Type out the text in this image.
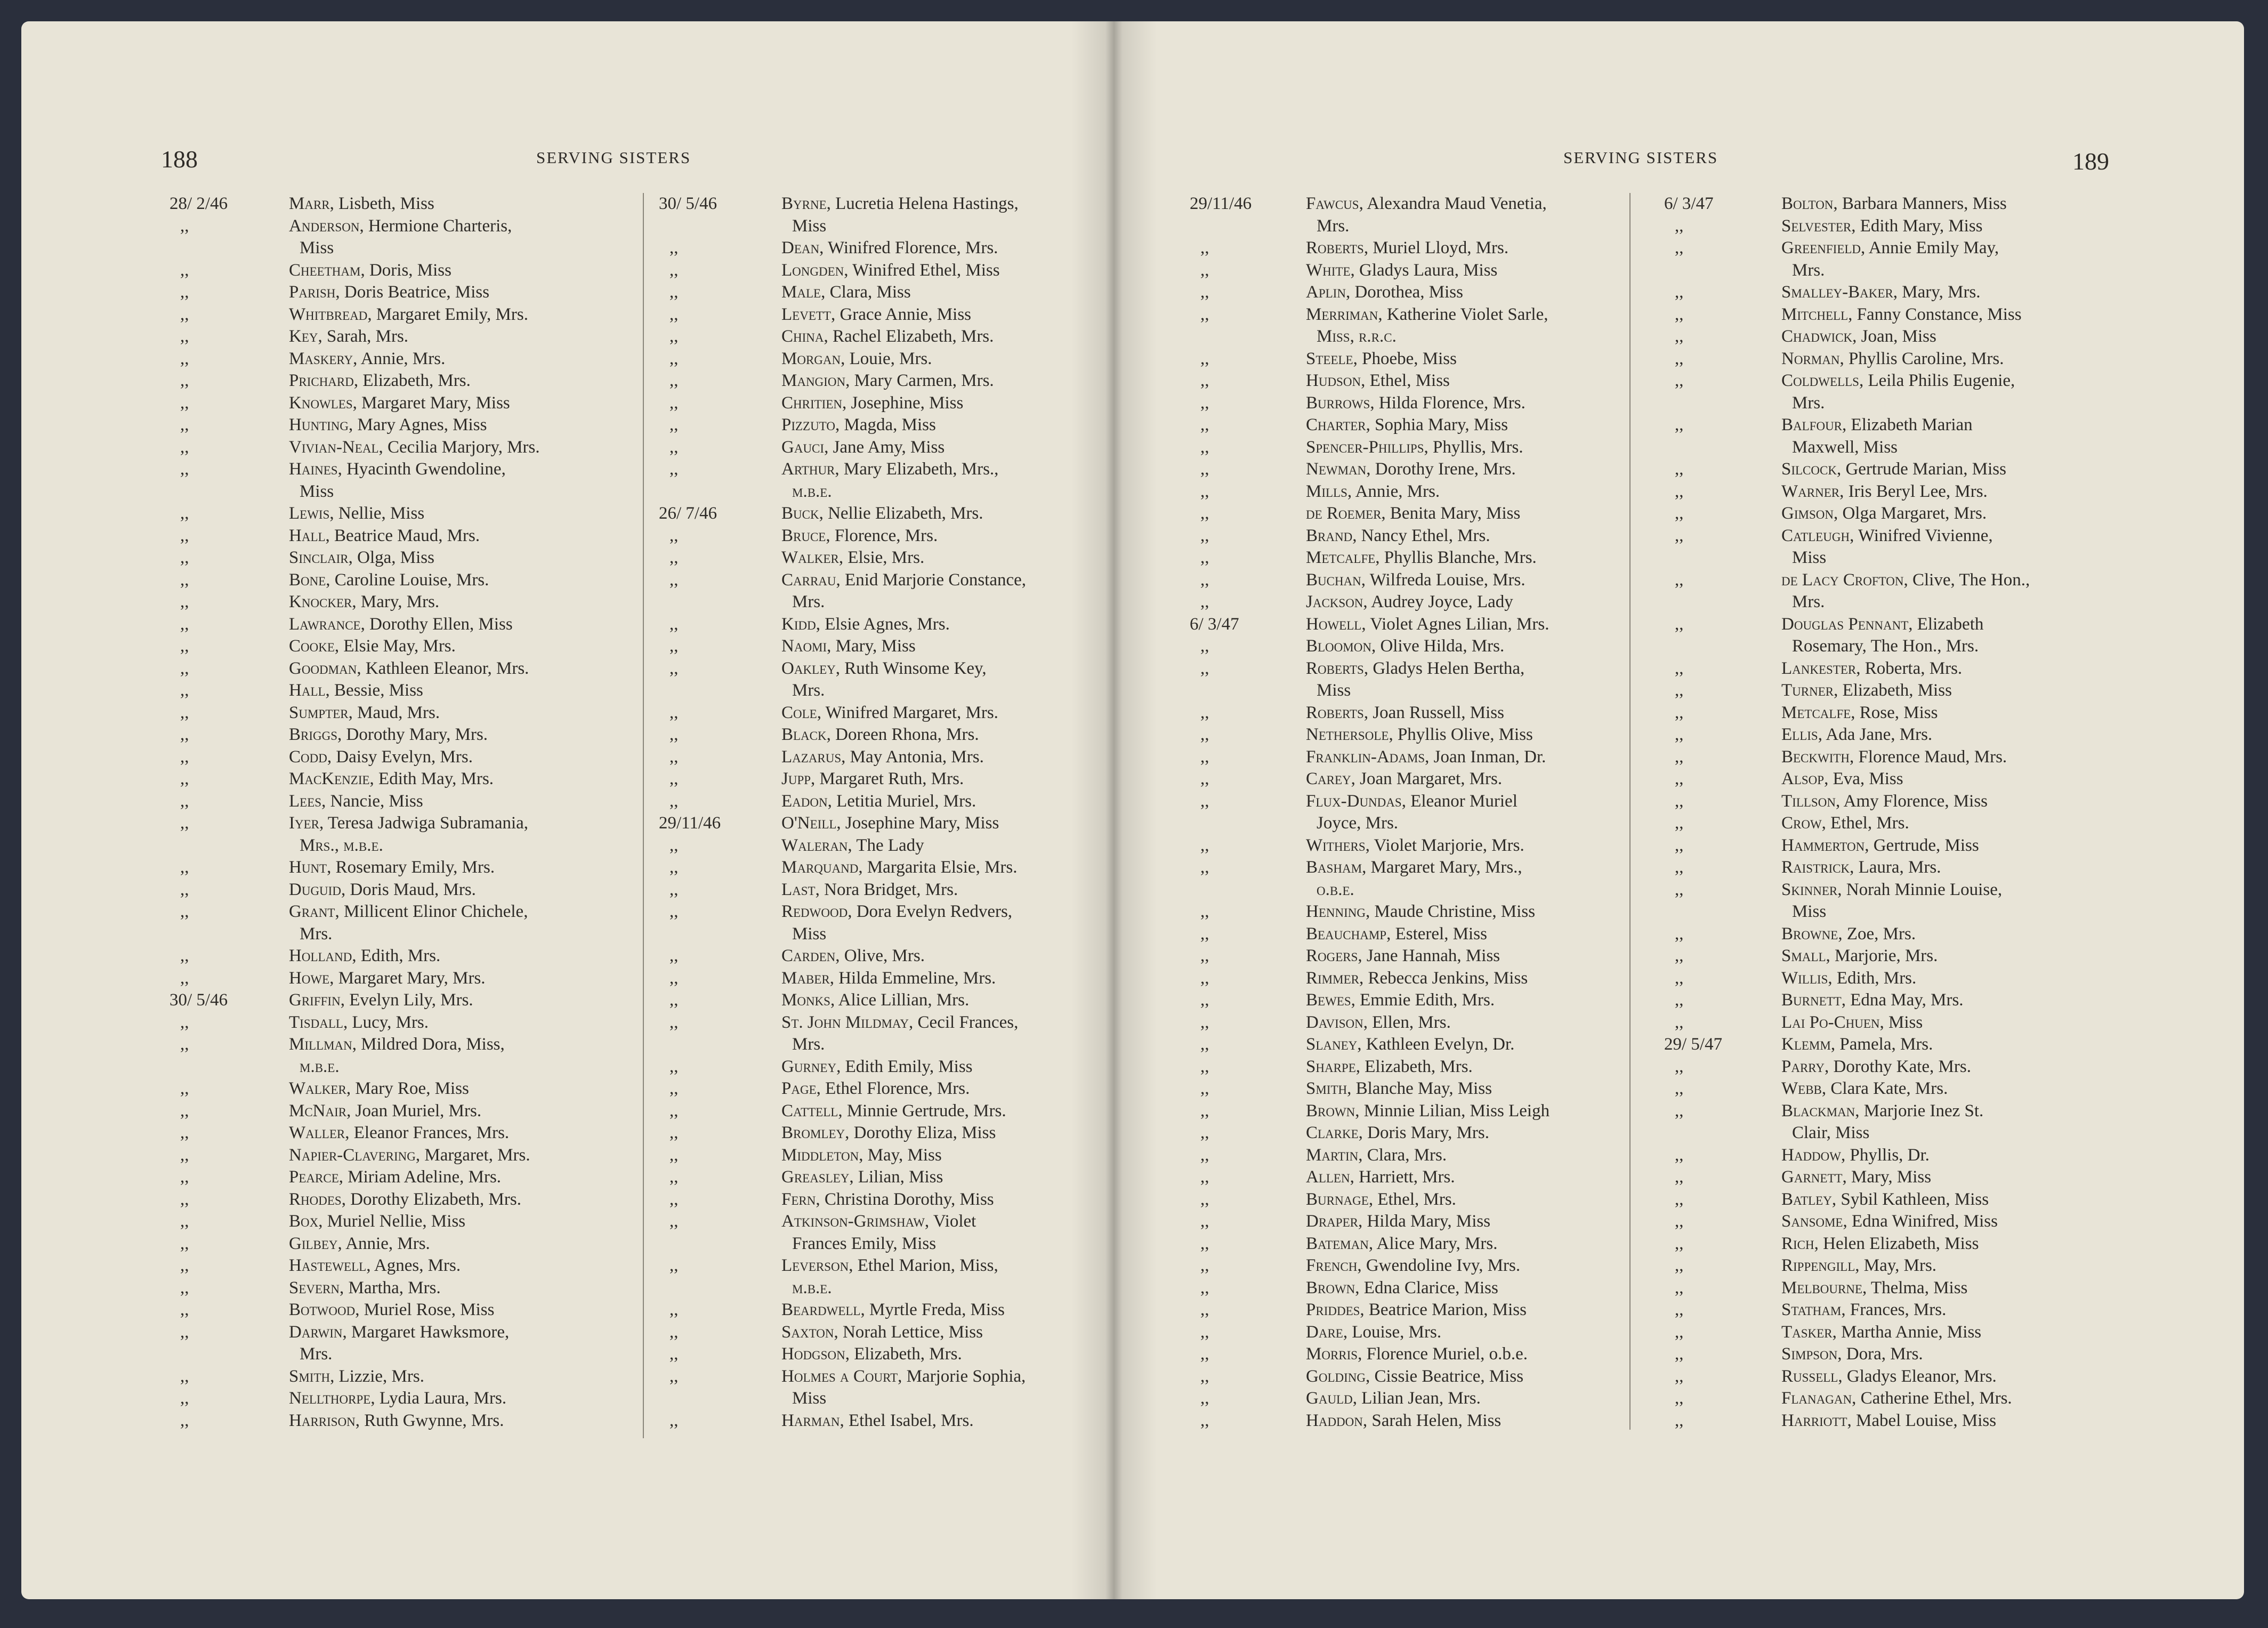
188	SERVING SISTERS	SERVING SISTERS	189
28/ 2/46	Marr, Lisbeth, Miss
,,	Anderson, Hermione Charteris,
Miss
,,	Cheetham, Doris, Miss
,,	Parish, Doris Beatrice, Miss
,,	Whitbread, Margaret Emily, Mrs.
,,	Key, Sarah, Mrs.
,,	Maskery, Annie, Mrs.
,,	Prichard, Elizabeth, Mrs.
,,	Knowles, Margaret Mary, Miss
,,	Hunting, Mary Agnes, Miss
,,	Vivian-Neal, Cecilia Marjory, Mrs.
,,	Haines, Hyacinth Gwendoline,
Miss
,,	Lewis, Nellie, Miss
,,	Hall, Beatrice Maud, Mrs.
,,	Sinclair, Olga, Miss
,,	Bone, Caroline Louise, Mrs.
,,	Knocker, Mary, Mrs.
,,	Lawrance, Dorothy Ellen, Miss
,,	Cooke, Elsie May, Mrs.
,,	Goodman, Kathleen Eleanor, Mrs.
,,	Hall, Bessie, Miss
,,	Sumpter, Maud, Mrs.
,,	Briggs, Dorothy Mary, Mrs.
,,	Codd, Daisy Evelyn, Mrs.
,,	MacKenzie, Edith May, Mrs.
,,	Lees, Nancie, Miss
,,	Iyer, Teresa Jadwiga Subramania,
Mrs., m.b.e.
,,	Hunt, Rosemary Emily, Mrs.
,,	Duguid, Doris Maud, Mrs.
,,	Grant, Millicent Elinor Chichele,
Mrs.
,,	Holland, Edith, Mrs.
,,	Howe, Margaret Mary, Mrs.
30/ 5/46	Griffin, Evelyn Lily, Mrs.
,,	Tisdall, Lucy, Mrs.
,,	Millman, Mildred Dora, Miss,
m.b.e.
,,	Walker, Mary Roe, Miss
,,	McNair, Joan Muriel, Mrs.
,,	Waller, Eleanor Frances, Mrs.
,,	Napier-Clavering, Margaret, Mrs.
,,	Pearce, Miriam Adeline, Mrs.
,,	Rhodes, Dorothy Elizabeth, Mrs.
,,	Box, Muriel Nellie, Miss
,,	Gilbey, Annie, Mrs.
,,	Hastewell, Agnes, Mrs.
,,	Severn, Martha, Mrs.
,,	Botwood, Muriel Rose, Miss
,,	Darwin, Margaret Hawksmore,
Mrs.
,,	Smith, Lizzie, Mrs.
,,	Nellthorpe, Lydia Laura, Mrs.
,,	Harrison, Ruth Gwynne, Mrs.
30/ 5/46	Byrne, Lucretia Helena Hastings,
Miss
,,	Dean, Winifred Florence, Mrs.
,,	Longden, Winifred Ethel, Miss
,,	Male, Clara, Miss
,,	Levett, Grace Annie, Miss
,,	China, Rachel Elizabeth, Mrs.
,,	Morgan, Louie, Mrs.
,,	Mangion, Mary Carmen, Mrs.
,,	Chritien, Josephine, Miss
,,	Pizzuto, Magda, Miss
,,	Gauci, Jane Amy, Miss
,,	Arthur, Mary Elizabeth, Mrs.,
m.b.e.
26/ 7/46	Buck, Nellie Elizabeth, Mrs.
,,	Bruce, Florence, Mrs.
,,	Walker, Elsie, Mrs.
,,	Carrau, Enid Marjorie Constance,
Mrs.
,,	Kidd, Elsie Agnes, Mrs.
,,	Naomi, Mary, Miss
,,	Oakley, Ruth Winsome Key,
Mrs.
,,	Cole, Winifred Margaret, Mrs.
,,	Black, Doreen Rhona, Mrs.
,,	Lazarus, May Antonia, Mrs.
,,	Jupp, Margaret Ruth, Mrs.
,,	Eadon, Letitia Muriel, Mrs.
29/11/46	O'Neill, Josephine Mary, Miss
,,	Waleran, The Lady
,,	Marquand, Margarita Elsie, Mrs.
,,	Last, Nora Bridget, Mrs.
,,	Redwood, Dora Evelyn Redvers,
Miss
,,	Carden, Olive, Mrs.
,,	Maber, Hilda Emmeline, Mrs.
,,	Monks, Alice Lillian, Mrs.
,,	St. John Mildmay, Cecil Frances,
Mrs.
,,	Gurney, Edith Emily, Miss
,,	Page, Ethel Florence, Mrs.
,,	Cattell, Minnie Gertrude, Mrs.
,,	Bromley, Dorothy Eliza, Miss
,,	Middleton, May, Miss
,,	Greasley, Lilian, Miss
,,	Fern, Christina Dorothy, Miss
,,	Atkinson-Grimshaw, Violet
Frances Emily, Miss
,,	Leverson, Ethel Marion, Miss,
m.b.e.
,,	Beardwell, Myrtle Freda, Miss
,,	Saxton, Norah Lettice, Miss
,,	Hodgson, Elizabeth, Mrs.
,,	Holmes a Court, Marjorie Sophia,
Miss
,,	Harman, Ethel Isabel, Mrs.
29/11/46	Fawcus, Alexandra Maud Venetia,
Mrs.
,,	Roberts, Muriel Lloyd, Mrs.
,,	White, Gladys Laura, Miss
,,	Aplin, Dorothea, Miss
,,	Merriman, Katherine Violet Sarle,
Miss, r.r.c.
,,	Steele, Phoebe, Miss
,,	Hudson, Ethel, Miss
,,	Burrows, Hilda Florence, Mrs.
,,	Charter, Sophia Mary, Miss
,,	Spencer-Phillips, Phyllis, Mrs.
,,	Newman, Dorothy Irene, Mrs.
,,	Mills, Annie, Mrs.
,,	de Roemer, Benita Mary, Miss
,,	Brand, Nancy Ethel, Mrs.
,,	Metcalfe, Phyllis Blanche, Mrs.
,,	Buchan, Wilfreda Louise, Mrs.
,,	Jackson, Audrey Joyce, Lady
6/ 3/47	Howell, Violet Agnes Lilian, Mrs.
,,	Bloomon, Olive Hilda, Mrs.
,,	Roberts, Gladys Helen Bertha,
Miss
,,	Roberts, Joan Russell, Miss
,,	Nethersole, Phyllis Olive, Miss
,,	Franklin-Adams, Joan Inman, Dr.
,,	Carey, Joan Margaret, Mrs.
,,	Flux-Dundas, Eleanor Muriel
Joyce, Mrs.
,,	Withers, Violet Marjorie, Mrs.
,,	Basham, Margaret Mary, Mrs.,
o.b.e.
,,	Henning, Maude Christine, Miss
,,	Beauchamp, Esterel, Miss
,,	Rogers, Jane Hannah, Miss
,,	Rimmer, Rebecca Jenkins, Miss
,,	Bewes, Emmie Edith, Mrs.
,,	Davison, Ellen, Mrs.
,,	Slaney, Kathleen Evelyn, Dr.
,,	Sharpe, Elizabeth, Mrs.
,,	Smith, Blanche May, Miss
,,	Brown, Minnie Lilian, Miss Leigh
,,	Clarke, Doris Mary, Mrs.
,,	Martin, Clara, Mrs.
,,	Allen, Harriett, Mrs.
,,	Burnage, Ethel, Mrs.
,,	Draper, Hilda Mary, Miss
,,	Bateman, Alice Mary, Mrs.
,,	French, Gwendoline Ivy, Mrs.
,,	Brown, Edna Clarice, Miss
,,	Priddes, Beatrice Marion, Miss
,,	Dare, Louise, Mrs.
,,	Morris, Florence Muriel, o.b.e.
,,	Golding, Cissie Beatrice, Miss
,,	Gauld, Lilian Jean, Mrs.
,,	Haddon, Sarah Helen, Miss
6/ 3/47	Bolton, Barbara Manners, Miss
,,	Selvester, Edith Mary, Miss
,,	Greenfield, Annie Emily May,
Mrs.
,,	Smalley-Baker, Mary, Mrs.
,,	Mitchell, Fanny Constance, Miss
,,	Chadwick, Joan, Miss
,,	Norman, Phyllis Caroline, Mrs.
,,	Coldwells, Leila Philis Eugenie,
Mrs.
,,	Balfour, Elizabeth Marian
Maxwell, Miss
,,	Silcock, Gertrude Marian, Miss
,,	Warner, Iris Beryl Lee, Mrs.
,,	Gimson, Olga Margaret, Mrs.
,,	Catleugh, Winifred Vivienne,
Miss
,,	de Lacy Crofton, Clive, The Hon.,
Mrs.
,,	Douglas Pennant, Elizabeth
Rosemary, The Hon., Mrs.
,,	Lankester, Roberta, Mrs.
,,	Turner, Elizabeth, Miss
,,	Metcalfe, Rose, Miss
,,	Ellis, Ada Jane, Mrs.
,,	Beckwith, Florence Maud, Mrs.
,,	Alsop, Eva, Miss
,,	Tillson, Amy Florence, Miss
,,	Crow, Ethel, Mrs.
,,	Hammerton, Gertrude, Miss
,,	Raistrick, Laura, Mrs.
,,	Skinner, Norah Minnie Louise,
Miss
,,	Browne, Zoe, Mrs.
,,	Small, Marjorie, Mrs.
,,	Willis, Edith, Mrs.
,,	Burnett, Edna May, Mrs.
,,	Lai Po-Chuen, Miss
29/ 5/47	Klemm, Pamela, Mrs.
,,	Parry, Dorothy Kate, Mrs.
,,	Webb, Clara Kate, Mrs.
,,	Blackman, Marjorie Inez St.
Clair, Miss
,,	Haddow, Phyllis, Dr.
,,	Garnett, Mary, Miss
,,	Batley, Sybil Kathleen, Miss
,,	Sansome, Edna Winifred, Miss
,,	Rich, Helen Elizabeth, Miss
,,	Rippengill, May, Mrs.
,,	Melbourne, Thelma, Miss
,,	Statham, Frances, Mrs.
,,	Tasker, Martha Annie, Miss
,,	Simpson, Dora, Mrs.
,,	Russell, Gladys Eleanor, Mrs.
,,	Flanagan, Catherine Ethel, Mrs.
,,	Harriott, Mabel Louise, Miss
